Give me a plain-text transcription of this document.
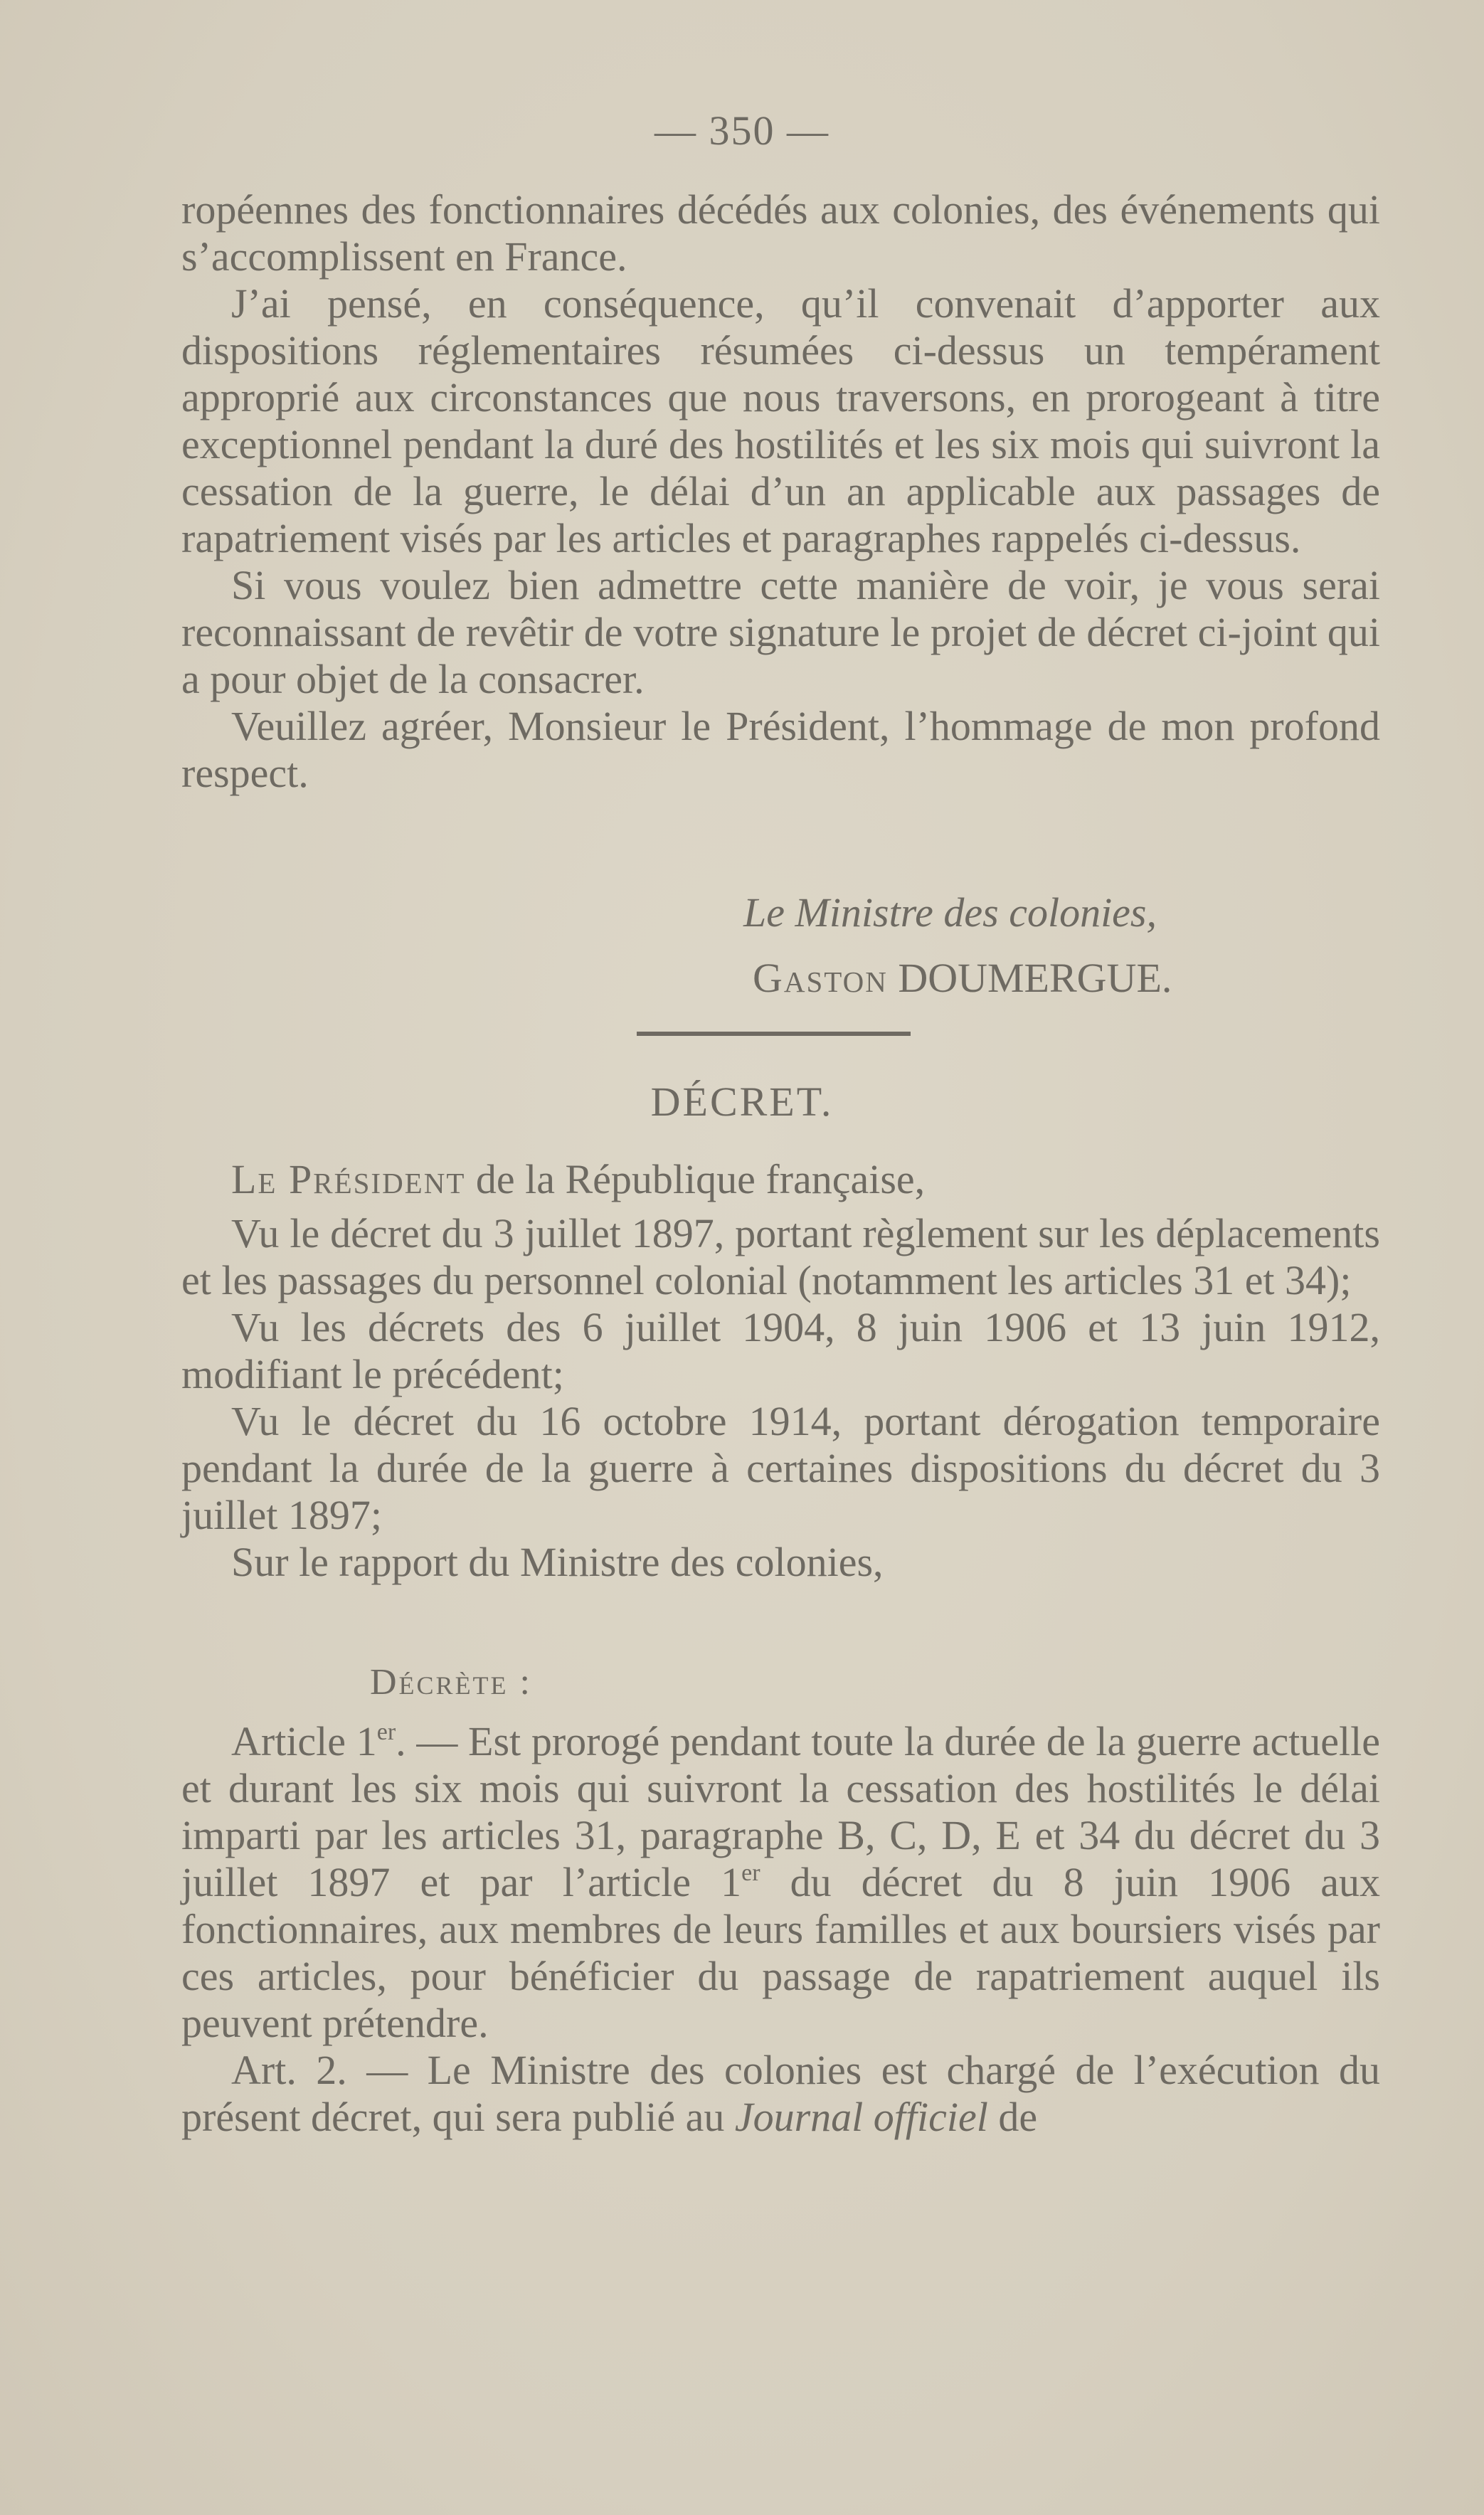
— 350 —

ropéennes des fonctionnaires décédés aux colonies, des événements qui s’accomplissent en France.

J’ai pensé, en conséquence, qu’il convenait d’apporter aux dispositions réglementaires résumées ci-dessus un tempérament approprié aux circonstances que nous traversons, en prorogeant à titre exceptionnel pendant la duré des hostilités et les six mois qui suivront la cessation de la guerre, le délai d’un an applicable aux passages de rapatriement visés par les articles et paragraphes rappelés ci-dessus.

Si vous voulez bien admettre cette manière de voir, je vous serai reconnaissant de revêtir de votre signature le projet de décret ci-joint qui a pour objet de la consacrer.

Veuillez agréer, Monsieur le Président, l’hommage de mon profond respect.

Le Ministre des colonies,
Gaston DOUMERGUE.
DÉCRET.

Le Président de la République française,

Vu le décret du 3 juillet 1897, portant règlement sur les déplacements et les passages du personnel colonial (notamment les articles 31 et 34);

Vu les décrets des 6 juillet 1904, 8 juin 1906 et 13 juin 1912, modifiant le précédent;

Vu le décret du 16 octobre 1914, portant dérogation temporaire pendant la durée de la guerre à certaines dispositions du décret du 3 juillet 1897;

Sur le rapport du Ministre des colonies,

Décrète :

Article 1er. — Est prorogé pendant toute la durée de la guerre actuelle et durant les six mois qui suivront la cessation des hostilités le délai imparti par les articles 31, paragraphe B, C, D, E et 34 du décret du 3 juillet 1897 et par l’article 1er du décret du 8 juin 1906 aux fonctionnaires, aux membres de leurs familles et aux boursiers visés par ces articles, pour bénéficier du passage de rapatriement auquel ils peuvent prétendre.

Art. 2. — Le Ministre des colonies est chargé de l’exécution du présent décret, qui sera publié au Journal officiel de
